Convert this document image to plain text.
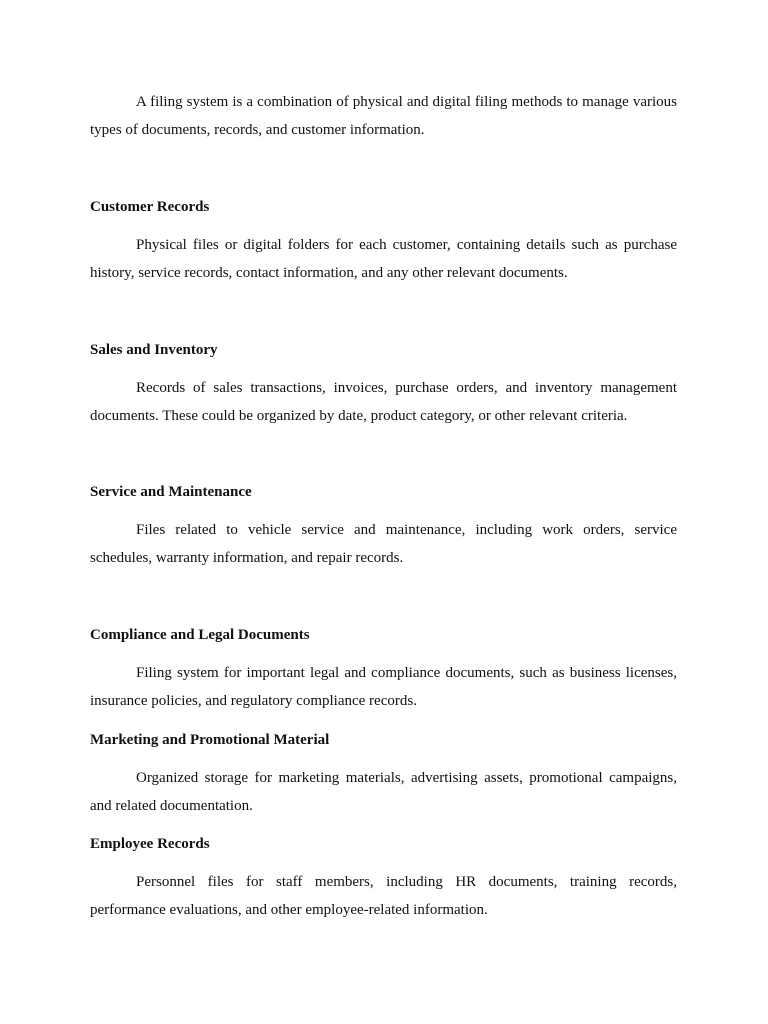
A filing system is a combination of physical and digital filing methods to manage various types of documents, records, and customer information.

Customer Records

Physical files or digital folders for each customer, containing details such as purchase history, service records, contact information, and any other relevant documents.

Sales and Inventory

Records of sales transactions, invoices, purchase orders, and inventory management documents. These could be organized by date, product category, or other relevant criteria.

Service and Maintenance

Files related to vehicle service and maintenance, including work orders, service schedules, warranty information, and repair records.

Compliance and Legal Documents

Filing system for important legal and compliance documents, such as business licenses, insurance policies, and regulatory compliance records.

Marketing and Promotional Material

Organized storage for marketing materials, advertising assets, promotional campaigns, and related documentation.

Employee Records

Personnel files for staff members, including HR documents, training records, performance evaluations, and other employee-related information.
